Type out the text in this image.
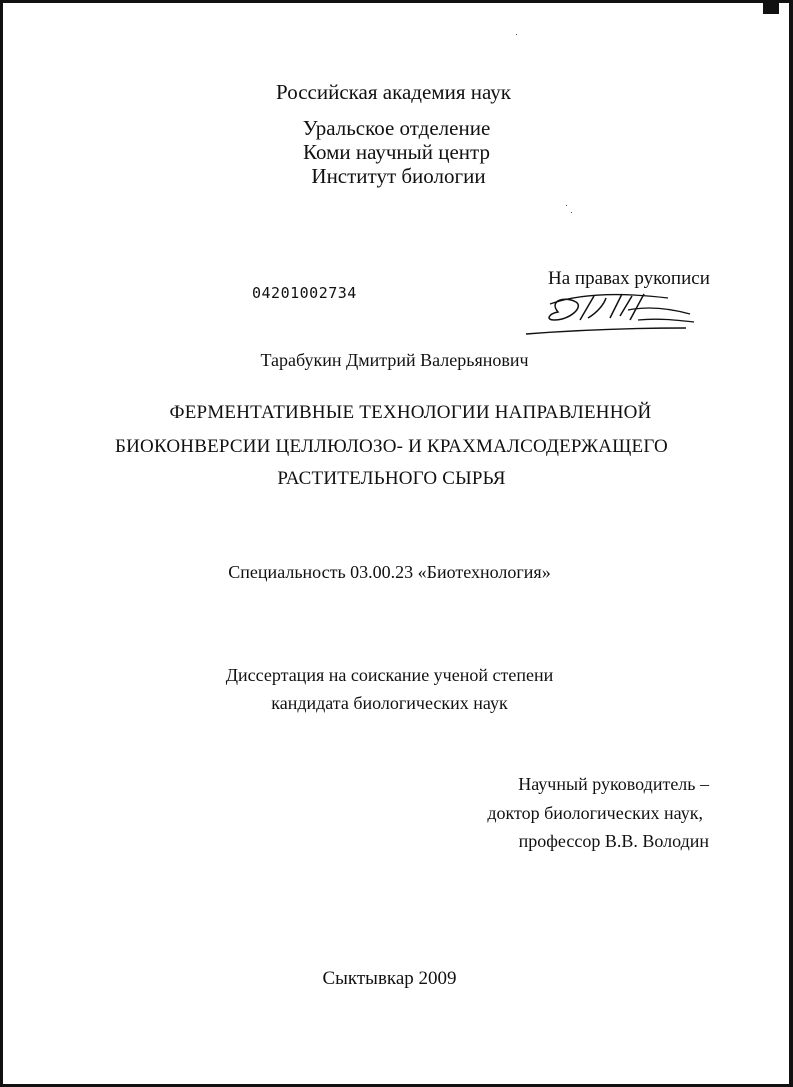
Российская академия наук
Уральское отделение
Коми научный центр
Институт биологии
04201002734
На правах рукописи
Тарабукин Дмитрий Валерьянович
ФЕРМЕНТАТИВНЫЕ ТЕХНОЛОГИИ НАПРАВЛЕННОЙ
БИОКОНВЕРСИИ ЦЕЛЛЮЛОЗО- И КРАХМАЛСОДЕРЖАЩЕГО
РАСТИТЕЛЬНОГО СЫРЬЯ
Специальность 03.00.23 «Биотехнология»
Диссертация на соискание ученой степени
кандидата биологических наук
Научный руководитель –
доктор биологических наук,
профессор В.В. Володин
Сыктывкар 2009
